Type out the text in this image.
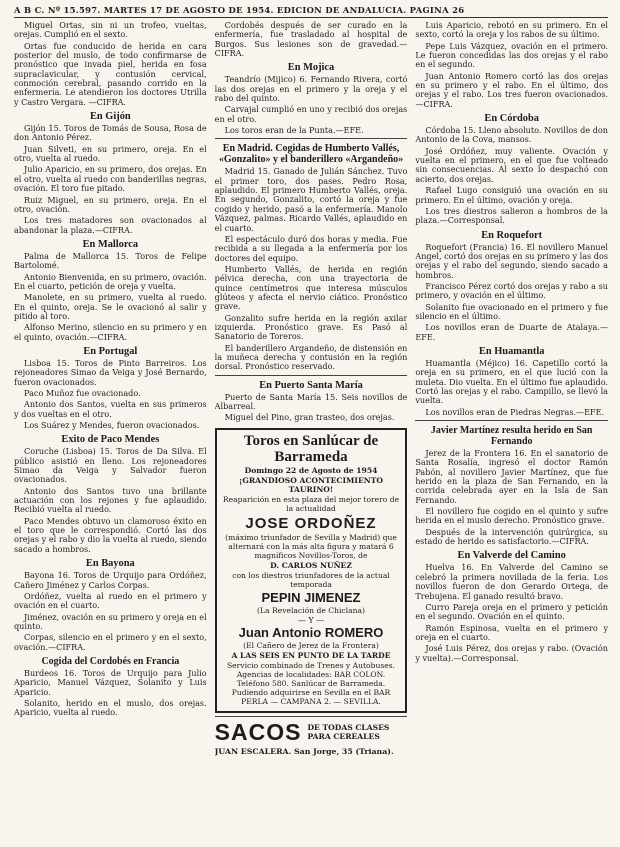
A B C. Nº 15.597. MARTES 17 DE AGOSTO DE 1954. EDICION DE ANDALUCIA. PAGINA 26

Miguel Ortas, sin ni un trofeo, vueltas, orejas. Cumplió en el sexto.

Ortas fue conducido de herida en cara posterior del muslo, de todo confirmarse de pronóstico que invada piel, herida en fosa supraclavicular, y contusión cervical, conmoción cerebral, pasando corrido en la enfermería. Le atendieron los doctores Utrilla y Castro Vergara. —CIFRA.

En Gijón

Gijón 15. Toros de Tomás de Sousa, Rosa de don Antonio Pérez.

Juan Silveti, en su primero, oreja. En el otro, vuelta al ruedo.

Julio Aparicio, en su primero, dos orejas. En el otro, vuelta al ruedo con banderillas negras, ovación. El toro fue pitado.

Ruiz Miguel, en su primero, oreja. En el otro, ovación.

Los tres matadores son ovacionados al abandonar la plaza.—CIFRA.

En Mallorca

Palma de Mallorca 15. Toros de Felipe Bartolomé.

Antonio Bienvenida, en su primero, ovación. En el cuarto, petición de oreja y vuelta.

Manolete, en su primero, vuelta al ruedo. En el quinto, oreja. Se le ovacionó al salir y pitido al toro.

Alfonso Merino, silencio en su primero y en el quinto, ovación.—CIFRA.

En Portugal

Lisboa 15. Toros de Pinto Barreiros. Los rejoneadores Simao da Veiga y José Bernardo, fueron ovacionados.

Paco Muñoz fue ovacionado.

Antonio dos Santos, vuelta en sus primeros y dos vueltas en el otro.

Los Suárez y Mendes, fueron ovacionados.

Exito de Paco Mendes

Coruche (Lisboa) 15. Toros de Da Silva. El público asistió en lleno. Los rejoneadores Simao da Veiga y Salvador fueron ovacionados.

Antonio dos Santos tuvo una brillante actuación con los rejones y fue aplaudido. Recibió vuelta al ruedo.

Paco Mendes obtuvo un clamoroso éxito en el toro que le correspondió. Cortó las dos orejas y el rabo y dio la vuelta al ruedo, siendo sacado a hombros.

En Bayona

Bayona 16. Toros de Urquijo para Ordóñez, Cañero Jiménez y Carlos Corpas.

Ordóñez, vuelta al ruedo en el primero y ovación en el cuarto.

Jiménez, ovación en su primero y oreja en el quinto.

Corpas, silencio en el primero y en el sexto, ovación.—CIFRA.

Cogida del Cordobés en Francia

Burdeos 16. Toros de Urquijo para Julio Aparicio, Manuel Vázquez, Solanito y Luis Aparicio.

Solanito, herido en el muslo, dos orejas. Aparicio, vuelta al ruedo.

Cordobés después de ser curado en la enfermería, fue trasladado al hospital de Burgos. Sus lesiones son de gravedad.—CIFRA.

En Mojica

Teandrío (Mijico) 6. Fernando Rivera, cortó las dos orejas en el primero y la oreja y el rabo del quinto.

Carvajal cumplió en uno y recibió dos orejas en el otro.

Los toros eran de la Punta.—EFE.

En Madrid. Cogidas de Humberto Vallés, «Gonzalito» y el banderillero «Argandeño»

Madrid 15. Ganado de Julián Sánchez. Tuvo el primer toro, dos pases. Pedro Rosa, aplaudido. El primero Humberto Vallés, oreja. En segundo, Gonzalito, cortó la oreja y fue cogido y herido, pasó a la enfermería. Manolo Vázquez, palmas. Ricardo Vallés, aplaudido en el cuarto.

El espectáculo duró dos horas y media. Fue recibida a su llegada a la enfermería por los doctores del equipo.

Humberto Vallés, de herida en región pélvica derecha, con una trayectoria de quince centímetros que interesa músculos glúteos y afecta el nervio ciático. Pronóstico grave.

Gonzalito sufre herida en la región axilar izquierda. Pronóstico grave. Es Pasó al Sanatorio de Toreros.

El banderillero Argandeño, de distensión en la muñeca derecha y contusión en la región dorsal. Pronóstico reservado.

En Puerto Santa María

Puerto de Santa María 15. Seis novillos de Albarreal.

Miguel del Pino, gran trasteo, dos orejas.

Toros en Sanlúcar de Barrameda
Domingo 22 de Agosto de 1954
¡GRANDIOSO ACONTECIMIENTO TAURINO!
Reaparición en esta plaza del mejor torero de la actualidad
JOSE ORDOÑEZ
(máximo triunfador de Sevilla y Madrid) que alternará con la más alta figura y matará 6 magníficos Novillos-Toros, de
D. CARLOS NUÑEZ
con los diestros triunfadores de la actual temporada
PEPIN JIMENEZ
(La Revelación de Chiclana)
— Y —
Juan Antonio ROMERO
(El Cañero de Jerez de la Frontera)
A LAS SEIS EN PUNTO DE LA TARDE
Servicio combinado de Trenes y Autobuses. Agencias de localidades: BAR COLON. Teléfono 580. Sanlúcar de Barrameda. Pudiendo adquirirse en Sevilla en el BAR PERLA — CAMPANA 2. — SEVILLA.
SACOS DE TODAS CLASES
PARA CEREALES
JUAN ESCALERA. San Jorge, 35 (Triana).

Luis Aparicio, rebotó en su primero. En el sexto, cortó la oreja y los rabos de su último.

Pepe Luis Vázquez, ovación en el primero. Le fueron concedidas las dos orejas y el rabo en el segundo.

Juan Antonio Romero cortó las dos orejas en su primero y el rabo. En el último, dos orejas y el rabo. Los tres fueron ovacionados.—CIFRA.

En Córdoba

Córdoba 15. Lleno absoluto. Novillos de don Antonio de la Cova, mansos.

José Ordóñez, muy valiente. Ovación y vuelta en el primero, en el que fue volteado sin consecuencias. Al sexto lo despachó con acierto, dos orejas.

Rafael Lugo consiguió una ovación en su primero. En el último, ovación y oreja.

Los tres diestros salieron a hombros de la plaza.—Corresponsal.

En Roquefort

Roquefort (Francia) 16. El novillero Manuel Angel, cortó dos orejas en su primero y las dos orejas y el rabo del segundo, siendo sacado a hombros.

Francisco Pérez cortó dos orejas y rabo a su primero, y ovación en el último.

Solanito fue ovacionado en el primero y fue silencio en el último.

Los novillos eran de Duarte de Atalaya.—EFE.

En Huamantla

Huamantla (Méjico) 16. Capetillo cortó la oreja en su primero, en el que lució con la muleta. Dio vuelta. En el último fue aplaudido. Cortó las orejas y el rabo. Campillo, se llevó la vuelta.

Los novillos eran de Piedras Negras.—EFE.

Javier Martínez resulta herido en San Fernando

Jerez de la Frontera 16. En el sanatorio de Santa Rosalía, ingresó el doctor Ramón Pabón, al novillero Javier Martínez, que fue herido en la plaza de San Fernando, en la corrida celebrada ayer en la Isla de San Fernando.

El novillero fue cogido en el quinto y sufre herida en el muslo derecho. Pronóstico grave.

Después de la intervención quirúrgica, su estado de herido es satisfactorio.—CIFRA.

En Valverde del Camino

Huelva 16. En Valverde del Camino se celebró la primera novillada de la feria. Los novillos fueron de don Gerardo Ortega, de Trebujena. El ganado resultó bravo.

Curro Pareja oreja en el primero y petición en el segundo. Ovación en el quinto.

Ramón Espinosa, vuelta en el primero y oreja en el cuarto.

José Luis Pérez, dos orejas y rabo. (Ovación y vuelta).—Corresponsal.
